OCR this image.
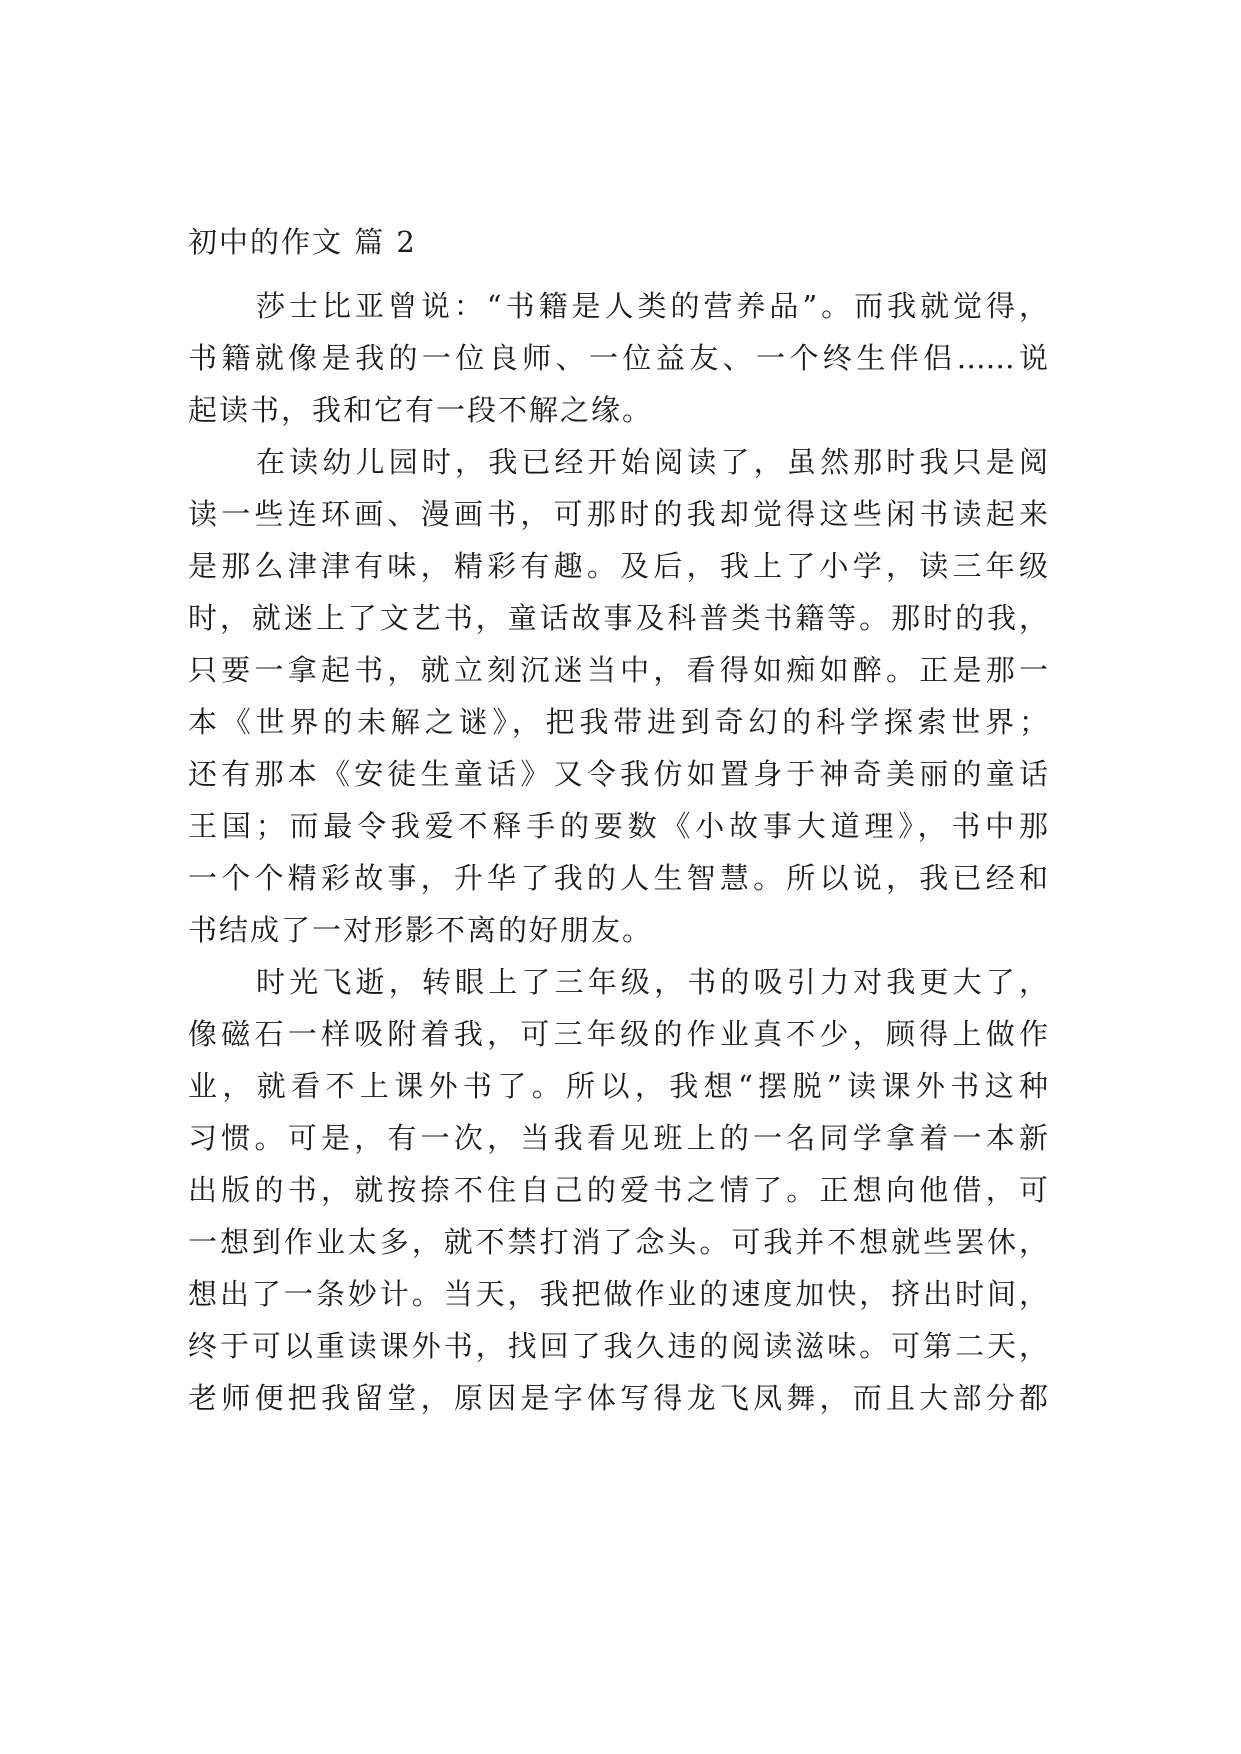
初中的作文 篇 2
莎士比亚曾说：“书籍是人类的营养品”。而我就觉得，
书籍就像是我的一位良师、一位益友、一个终生伴侣……说
起读书，我和它有一段不解之缘。
在读幼儿园时，我已经开始阅读了，虽然那时我只是阅
读一些连环画、漫画书，可那时的我却觉得这些闲书读起来
是那么津津有味，精彩有趣。及后，我上了小学，读三年级
时，就迷上了文艺书，童话故事及科普类书籍等。那时的我，
只要一拿起书，就立刻沉迷当中，看得如痴如醉。正是那一
本《世界的未解之谜》，把我带进到奇幻的科学探索世界；
还有那本《安徒生童话》又令我仿如置身于神奇美丽的童话
王国；而最令我爱不释手的要数《小故事大道理》，书中那
一个个精彩故事，升华了我的人生智慧。所以说，我已经和
书结成了一对形影不离的好朋友。
时光飞逝，转眼上了三年级，书的吸引力对我更大了，
像磁石一样吸附着我，可三年级的作业真不少，顾得上做作
业，就看不上课外书了。所以，我想“摆脱”读课外书这种
习惯。可是，有一次，当我看见班上的一名同学拿着一本新
出版的书，就按捺不住自己的爱书之情了。正想向他借，可
一想到作业太多，就不禁打消了念头。可我并不想就些罢休，
想出了一条妙计。当天，我把做作业的速度加快，挤出时间，
终于可以重读课外书，找回了我久违的阅读滋味。可第二天，
老师便把我留堂，原因是字体写得龙飞凤舞，而且大部分都
